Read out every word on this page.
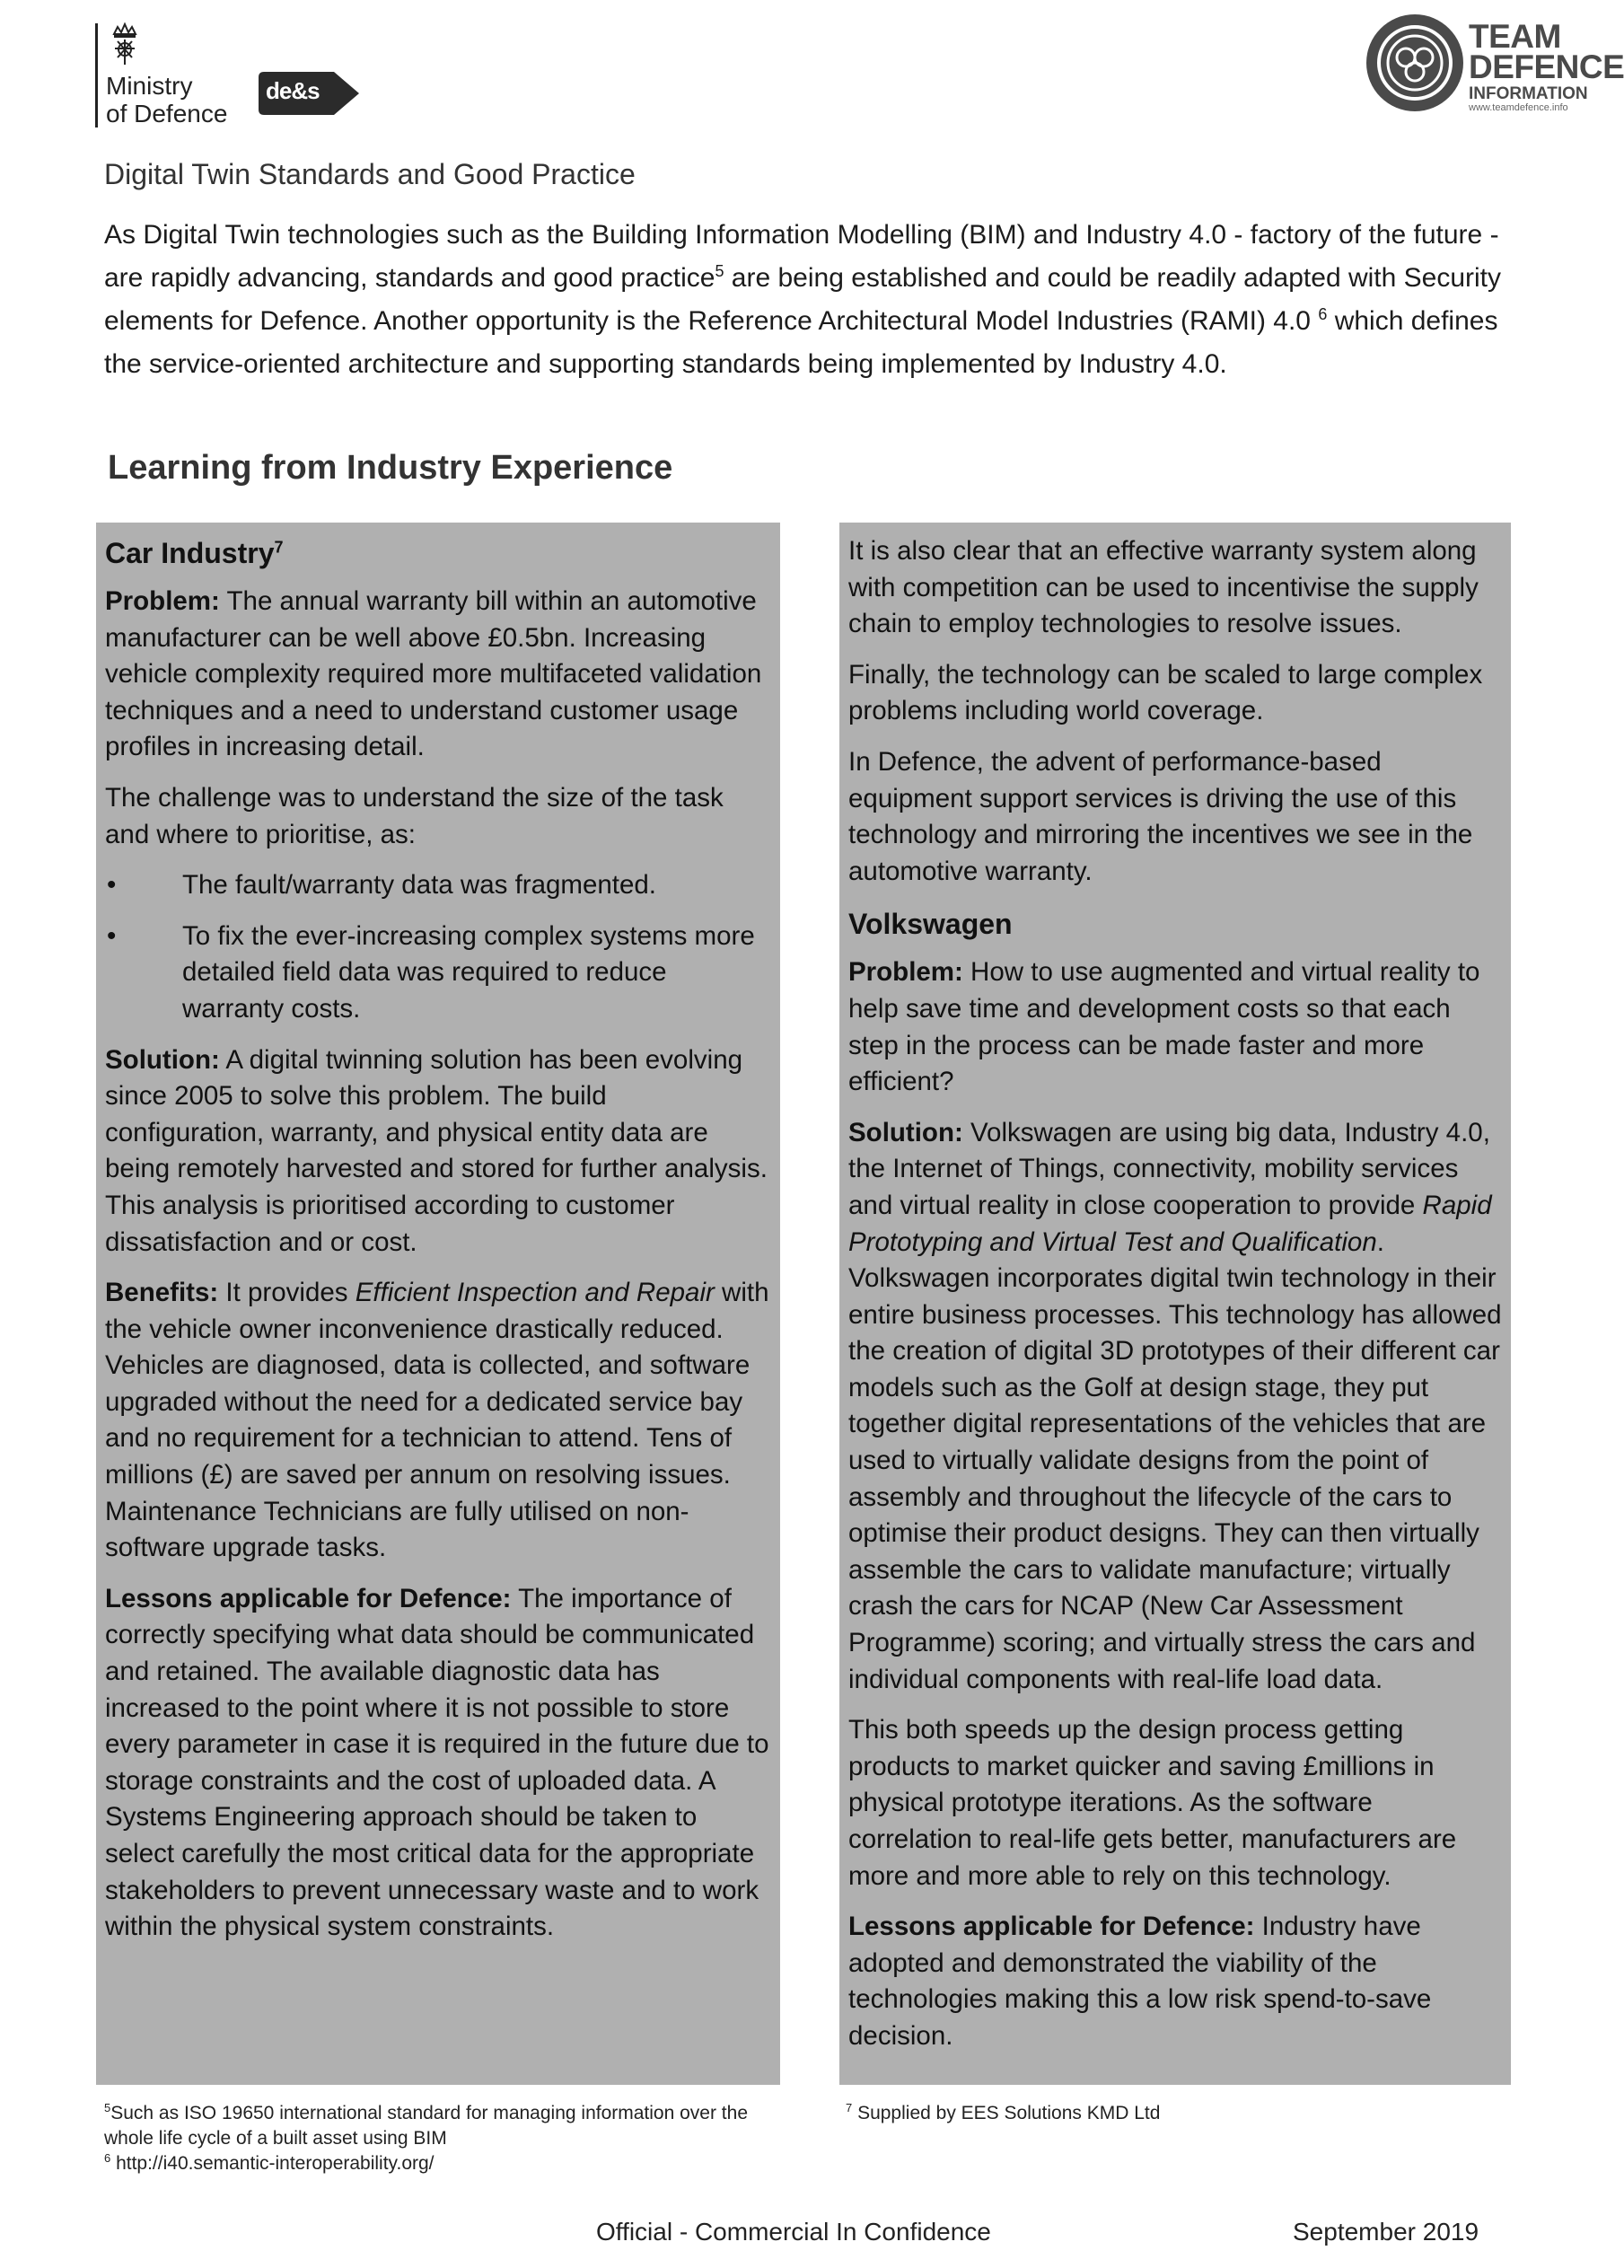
Ministry
of Defence
de&s
TEAM
DEFENCE
INFORMATION
www.teamdefence.info
Digital Twin Standards and Good Practice
As Digital Twin technologies such as the Building Information Modelling (BIM) and Industry 4.0 - factory of the future - are rapidly advancing, standards and good practice$^5$ are being established and could be readily adapted with Security elements for Defence. Another opportunity is the Reference Architectural Model Industries (RAMI) 4.0 $^6$ which defines the service-oriented architecture and supporting standards being implemented by Industry 4.0.
Learning from Industry Experience
Car Industry$^7$

Problem: The annual warranty bill within an automotive manufacturer can be well above £0.5bn. Increasing vehicle complexity required more multifaceted validation techniques and a need to understand customer usage profiles in increasing detail.

The challenge was to understand the size of the task and where to prioritise, as:

• The fault/warranty data was fragmented.
• To fix the ever-increasing complex systems more detailed field data was required to reduce warranty costs.

Solution: A digital twinning solution has been evolving since 2005 to solve this problem. The build configuration, warranty, and physical entity data are being remotely harvested and stored for further analysis. This analysis is prioritised according to customer dissatisfaction and or cost.

Benefits: It provides Efficient Inspection and Repair with the vehicle owner inconvenience drastically reduced. Vehicles are diagnosed, data is collected, and software upgraded without the need for a dedicated service bay and no requirement for a technician to attend. Tens of millions (£) are saved per annum on resolving issues. Maintenance Technicians are fully utilised on non-software upgrade tasks.

Lessons applicable for Defence: The importance of correctly specifying what data should be communicated and retained. The available diagnostic data has increased to the point where it is not possible to store every parameter in case it is required in the future due to storage constraints and the cost of uploaded data. A Systems Engineering approach should be taken to select carefully the most critical data for the appropriate stakeholders to prevent unnecessary waste and to work within the physical system constraints.

It is also clear that an effective warranty system along with competition can be used to incentivise the supply chain to employ technologies to resolve issues.

Finally, the technology can be scaled to large complex problems including world coverage.

In Defence, the advent of performance-based equipment support services is driving the use of this technology and mirroring the incentives we see in the automotive warranty.

Volkswagen

Problem: How to use augmented and virtual reality to help save time and development costs so that each step in the process can be made faster and more efficient?

Solution: Volkswagen are using big data, Industry 4.0, the Internet of Things, connectivity, mobility services and virtual reality in close cooperation to provide Rapid Prototyping and Virtual Test and Qualification. Volkswagen incorporates digital twin technology in their entire business processes. This technology has allowed the creation of digital 3D prototypes of their different car models such as the Golf at design stage, they put together digital representations of the vehicles that are used to virtually validate designs from the point of assembly and throughout the lifecycle of the cars to optimise their product designs. They can then virtually assemble the cars to validate manufacture; virtually crash the cars for NCAP (New Car Assessment Programme) scoring; and virtually stress the cars and individual components with real-life load data.

This both speeds up the design process getting products to market quicker and saving £millions in physical prototype iterations. As the software correlation to real-life gets better, manufacturers are more and more able to rely on this technology.

Lessons applicable for Defence: Industry have adopted and demonstrated the viability of the technologies making this a low risk spend-to-save decision.

$^5$Such as ISO 19650 international standard for managing information over the whole life cycle of a built asset using BIM
$^6$ http://i40.semantic-interoperability.org/
$^7$ Supplied by EES Solutions KMD Ltd
Official - Commercial In Confidence	September 2019
